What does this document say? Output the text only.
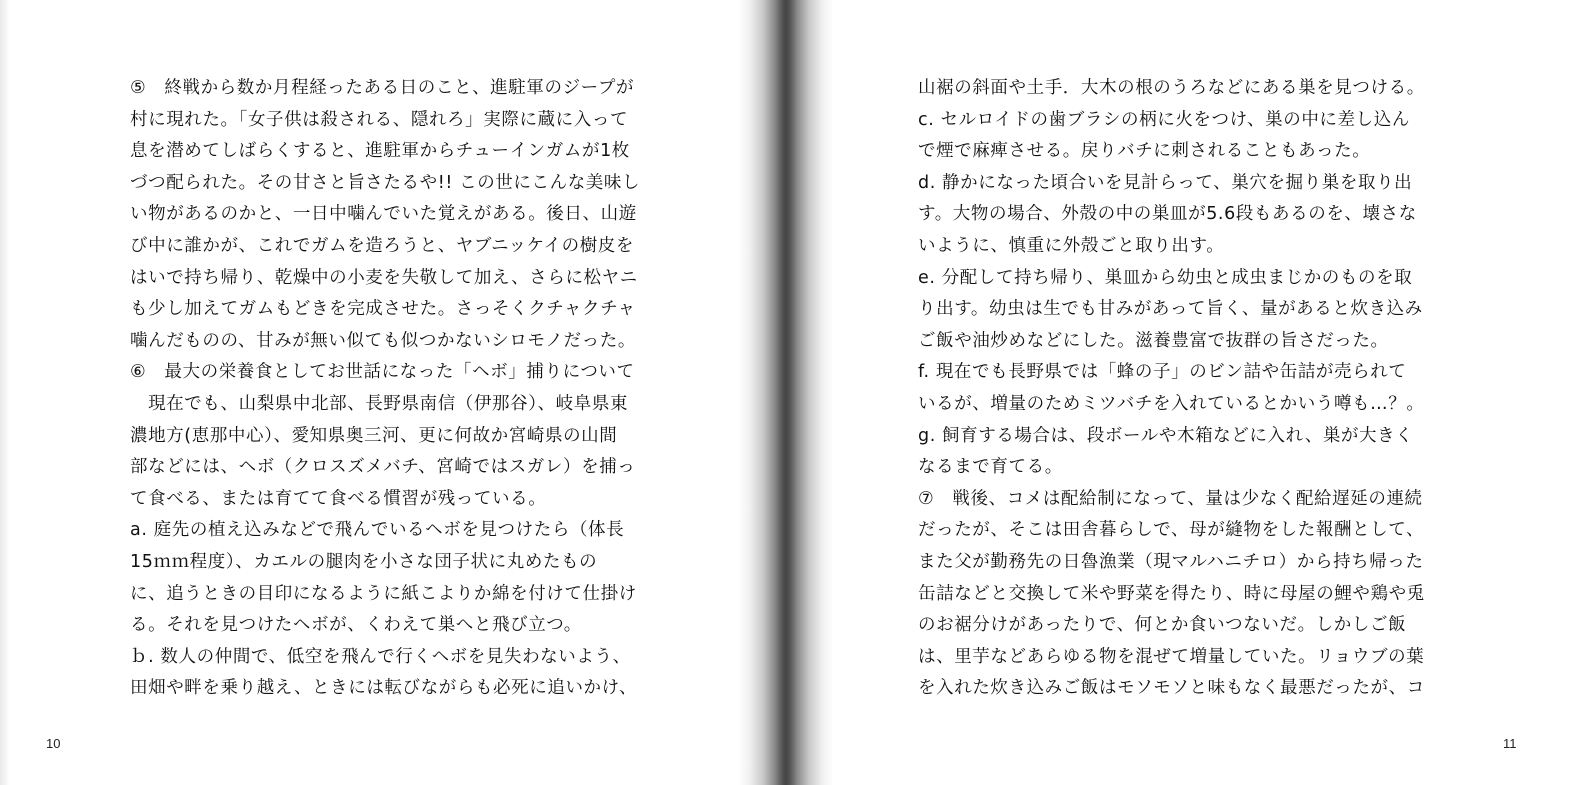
⑤　終戦から数か月程経ったある日のこと、進駐軍のジープが
村に現れた。「女子供は殺される、隠れろ」実際に蔵に入って
息を潜めてしばらくすると、進駐軍からチューインガムが1枚
づつ配られた。その甘さと旨さたるや!! この世にこんな美味し
い物があるのかと、一日中噛んでいた覚えがある。後日、山遊
び中に誰かが、これでガムを造ろうと、ヤブニッケイの樹皮を
はいで持ち帰り、乾燥中の小麦を失敬して加え、さらに松ヤニ
も少し加えてガムもどきを完成させた。さっそくクチャクチャ
噛んだものの、甘みが無い似ても似つかないシロモノだった。
⑥　最大の栄養食としてお世話になった「ヘボ」捕りについて
　現在でも、山梨県中北部、長野県南信（伊那谷）、岐阜県東
濃地方(恵那中心）、愛知県奥三河、更に何故か宮崎県の山間
部などには、ヘボ（クロスズメバチ、宮崎ではスガレ）を捕っ
て食べる、または育てて食べる慣習が残っている。
a. 庭先の植え込みなどで飛んでいるヘボを見つけたら（体長
15ｍｍ程度）、カエルの腿肉を小さな団子状に丸めたもの
に、追うときの目印になるように紙こよりか綿を付けて仕掛け
る。それを見つけたヘボが、くわえて巣へと飛び立つ。
ｂ. 数人の仲間で、低空を飛んで行くヘボを見失わないよう、
田畑や畔を乗り越え、ときには転びながらも必死に追いかけ、
10
山裾の斜面や土手．大木の根のうろなどにある巣を見つける。
c. セルロイドの歯ブラシの柄に火をつけ、巣の中に差し込ん
で煙で麻痺させる。戻りバチに刺されることもあった。
d. 静かになった頃合いを見計らって、巣穴を掘り巣を取り出
す。大物の場合、外殻の中の巣皿が5.6段もあるのを、壊さな
いように、慎重に外殻ごと取り出す。
e. 分配して持ち帰り、巣皿から幼虫と成虫まじかのものを取
り出す。幼虫は生でも甘みがあって旨く、量があると炊き込み
ご飯や油炒めなどにした。滋養豊富で抜群の旨さだった。
f. 現在でも長野県では「蜂の子」のビン詰や缶詰が売られて
いるが、増量のためミツバチを入れているとかいう噂も…？。
g. 飼育する場合は、段ボールや木箱などに入れ、巣が大きく
なるまで育てる。
⑦　戦後、コメは配給制になって、量は少なく配給遅延の連続
だったが、そこは田舎暮らしで、母が縫物をした報酬として、
また父が勤務先の日魯漁業（現マルハニチロ）から持ち帰った
缶詰などと交換して米や野菜を得たり、時に母屋の鯉や鶏や兎
のお裾分けがあったりで、何とか食いつないだ。しかしご飯
は、里芋などあらゆる物を混ぜて増量していた。リョウブの葉
を入れた炊き込みご飯はモソモソと味もなく最悪だったが、コ
11
